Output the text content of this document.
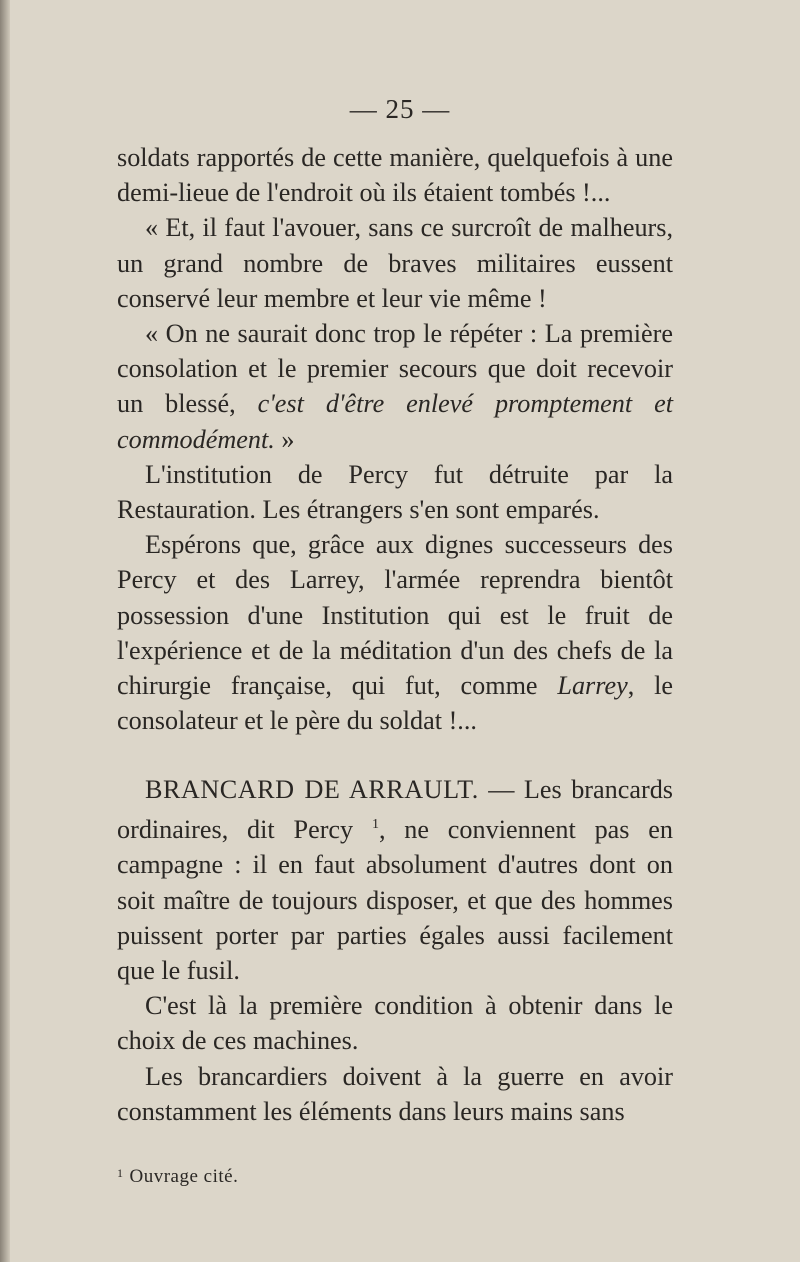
— 25 —

soldats rapportés de cette manière, quelquefois à une demi-lieue de l'endroit où ils étaient tombés !...

« Et, il faut l'avouer, sans ce surcroît de malheurs, un grand nombre de braves militaires eussent conservé leur membre et leur vie même !

« On ne saurait donc trop le répéter : La première consolation et le premier secours que doit recevoir un blessé, c'est d'être enlevé promptement et commodément. »

L'institution de Percy fut détruite par la Restauration. Les étrangers s'en sont emparés.

Espérons que, grâce aux dignes successeurs des Percy et des Larrey, l'armée reprendra bientôt possession d'une Institution qui est le fruit de l'expérience et de la méditation d'un des chefs de la chirurgie française, qui fut, comme Larrey, le consolateur et le père du soldat !...

BRANCARD DE ARRAULT. — Les brancards ordinaires, dit Percy $^1$, ne conviennent pas en campagne : il en faut absolument d'autres dont on soit maître de toujours disposer, et que des hommes puissent porter par parties égales aussi facilement que le fusil.

C'est là la première condition à obtenir dans le choix de ces machines.

Les brancardiers doivent à la guerre en avoir constamment les éléments dans leurs mains sans

$^1$ Ouvrage cité.
